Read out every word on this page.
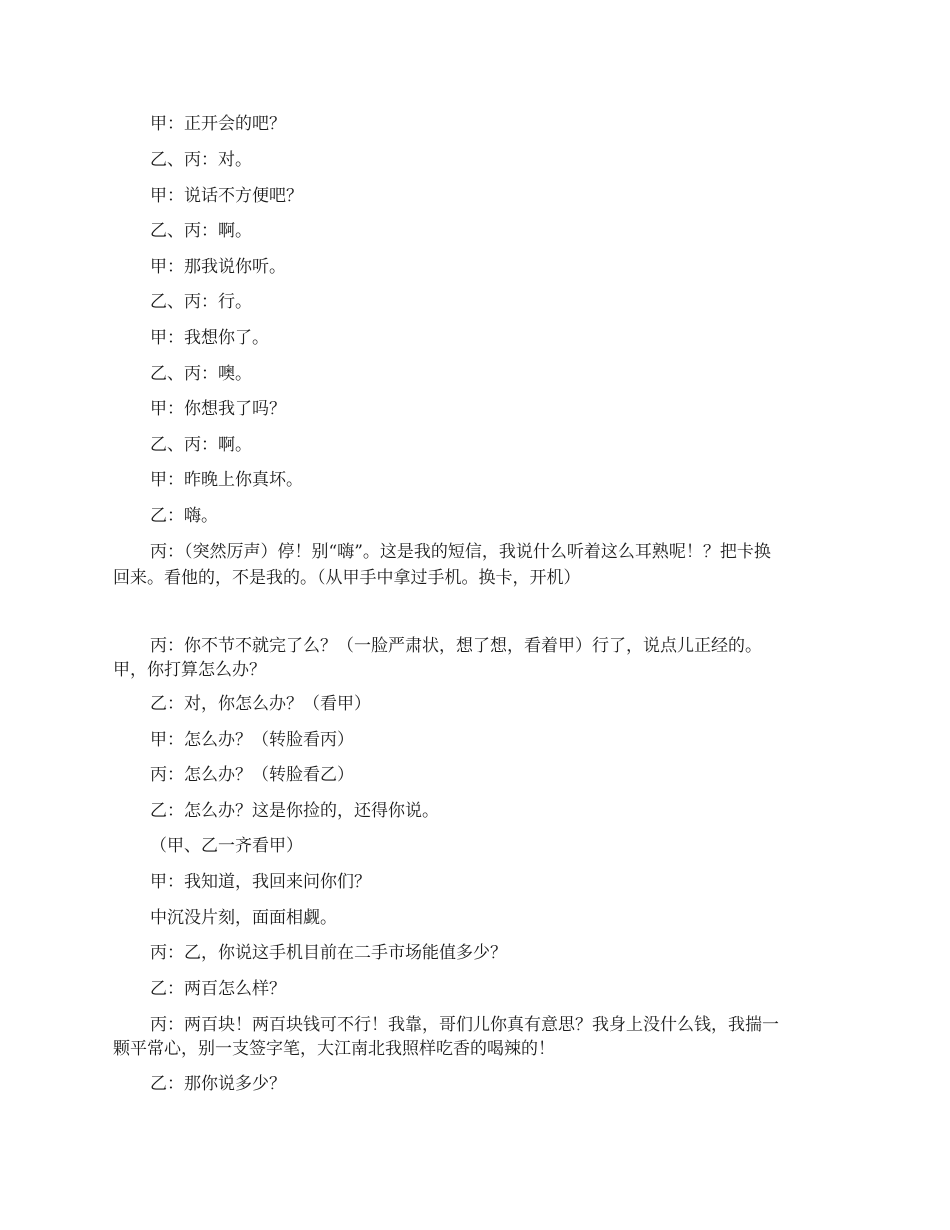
甲：正开会的吧？
乙、丙：对。
甲：说话不方便吧？
乙、丙：啊。
甲：那我说你听。
乙、丙：行。
甲：我想你了。
乙、丙：噢。
甲：你想我了吗？
乙、丙：啊。
甲：昨晚上你真坏。
乙：嗨。
丙：（突然厉声）停！别“嗨”。这是我的短信，我说什么听着这么耳熟呢！？把卡换
回来。看他的，不是我的。（从甲手中拿过手机。换卡，开机）
丙：你不节不就完了么？（一脸严肃状，想了想，看着甲）行了，说点儿正经的。
甲，你打算怎么办？
乙：对，你怎么办？（看甲）
甲：怎么办？（转脸看丙）
丙：怎么办？（转脸看乙）
乙：怎么办？这是你捡的，还得你说。
（甲、乙一齐看甲）
甲：我知道，我回来问你们？
中沉没片刻，面面相觑。
丙：乙，你说这手机目前在二手市场能值多少？
乙：两百怎么样？
丙：两百块！两百块钱可不行！我靠，哥们儿你真有意思？我身上没什么钱，我揣一
颗平常心，别一支签字笔，大江南北我照样吃香的喝辣的！
乙：那你说多少？
